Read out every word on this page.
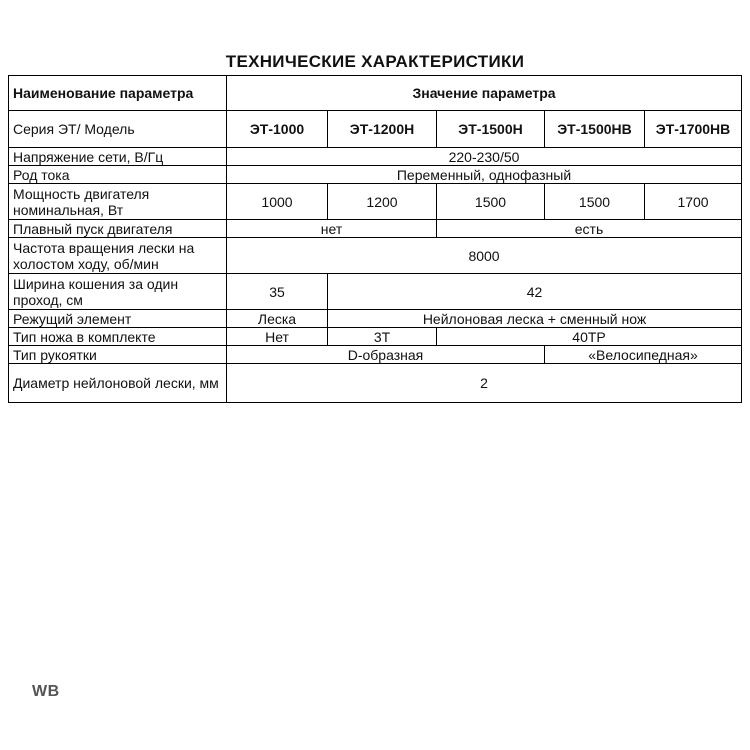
ТЕХНИЧЕСКИЕ ХАРАКТЕРИСТИКИ
Наименование параметра	Значение параметра				
Серия ЭТ/ Модель	ЭТ-1000	ЭТ-1200Н	ЭТ-1500Н	ЭТ-1500НВ	ЭТ-1700НВ
Напряжение сети, В/Гц	220-230/50				
Род тока	Переменный, однофазный				
Мощность двигателя номинальная, Вт	1000	1200	1500	1500	1700
Плавный пуск двигателя	нет		есть		
Частота вращения лески на холостом ходу, об/мин	8000				
Ширина кошения за один проход, см	35	42			
Режущий элемент	Леска	Нейлоновая леска + сменный нож			
Тип ножа в комплекте	Нет	3Т	40ТР		
Тип рукоятки	D-образная			«Велосипедная»	
Диаметр нейлоновой лески, мм	2				
WB
